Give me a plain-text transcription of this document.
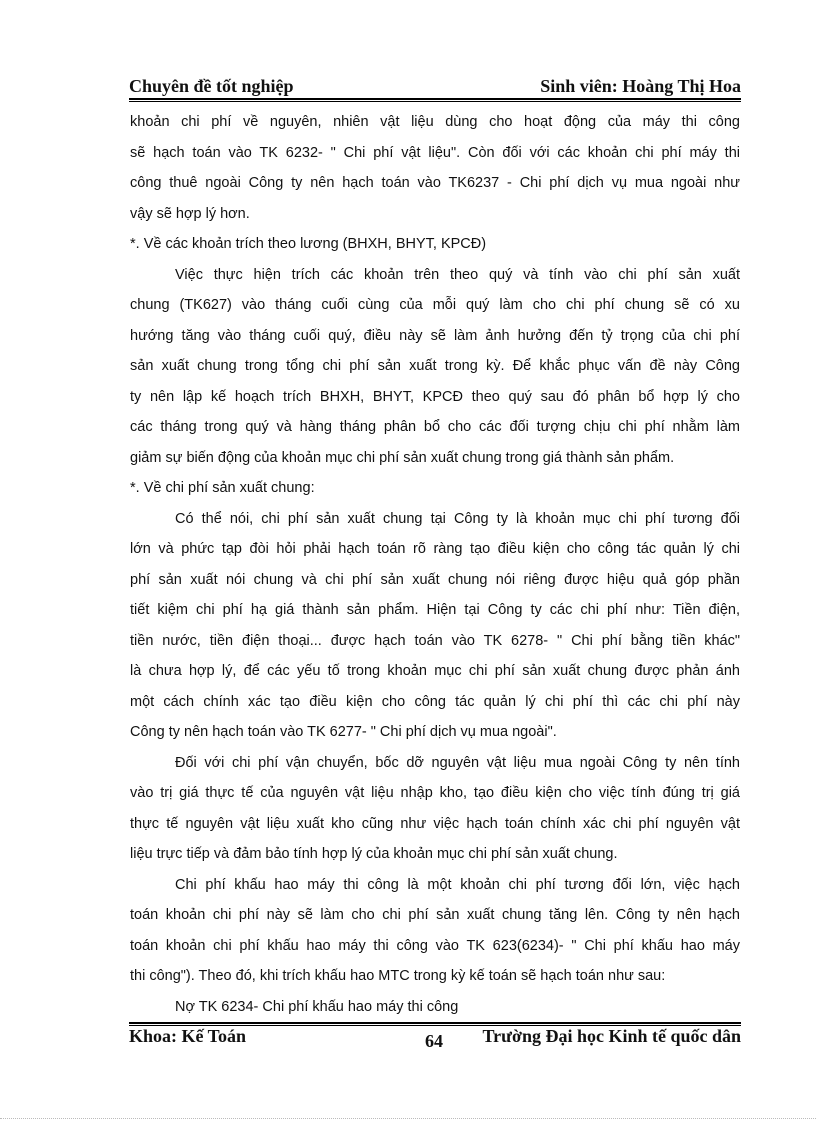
Chuyên đề tốt nghiệp	Sinh viên: Hoàng Thị Hoa
khoản chi phí về nguyên, nhiên vật liệu dùng cho hoạt động của máy thi công
sẽ hạch toán vào TK 6232- " Chi phí vật liệu". Còn đối với các khoản chi phí máy thi
công thuê ngoài Công ty nên hạch toán vào TK6237 - Chi phí dịch vụ mua ngoài như
vậy sẽ hợp lý hơn.
*. Về các khoản trích theo lương (BHXH, BHYT, KPCĐ)
Việc thực hiện trích các khoản trên theo quý và tính vào chi phí sản xuất
chung (TK627) vào tháng cuối cùng của mỗi quý làm cho chi phí chung sẽ có xu
hướng tăng vào tháng cuối quý, điều này sẽ làm ảnh hưởng đến tỷ trọng của chi phí
sản xuất chung trong tổng chi phí sản xuất trong kỳ. Để khắc phục vấn đề này Công
ty nên lập kế hoạch trích BHXH, BHYT, KPCĐ theo quý sau đó phân bổ hợp lý cho
các tháng trong quý và hàng tháng phân bổ cho các đối tượng chịu chi phí nhằm làm
giảm sự biến động của khoản mục chi phí sản xuất chung trong giá thành sản phẩm.
*. Về chi phí sản xuất chung:
Có thể nói, chi phí sản xuất chung tại Công ty là khoản mục chi phí tương đối
lớn và phức tạp đòi hỏi phải hạch toán rõ ràng tạo điều kiện cho công tác quản lý chi
phí sản xuất nói chung và chi phí sản xuất chung nói riêng được hiệu quả góp phần
tiết kiệm chi phí hạ giá thành sản phẩm. Hiện tại Công ty các chi phí như: Tiền điện,
tiền nước, tiền điện thoại... được hạch toán vào TK 6278- " Chi phí bằng tiền khác"
là chưa hợp lý, để các yếu tố trong khoản mục chi phí sản xuất chung được phản ánh
một cách chính xác tạo điều kiện cho công tác quản lý chi phí thì các chi phí này
Công ty nên hạch toán vào TK 6277- " Chi phí dịch vụ mua ngoài".
Đối với chi phí vận chuyển, bốc dỡ nguyên vật liệu mua ngoài Công ty nên tính
vào trị giá thực tế của nguyên vật liệu nhập kho, tạo điều kiện cho việc tính đúng trị giá
thực tế nguyên vật liệu xuất kho cũng như việc hạch toán chính xác chi phí nguyên vật
liệu trực tiếp và đảm bảo tính hợp lý của khoản mục chi phí sản xuất chung.
Chi phí khấu hao máy thi công là một khoản chi phí tương đối lớn, việc hạch
toán khoản chi phí này sẽ làm cho chi phí sản xuất chung tăng lên. Công ty nên hạch
toán khoản chi phí khấu hao máy thi công vào TK 623(6234)- " Chi phí khấu hao máy
thi công"). Theo đó, khi trích khấu hao MTC trong kỳ kế toán sẽ hạch toán như sau:
Nợ TK 6234- Chi phí khấu hao máy thi công
Khoa: Kế Toán	64 Trường Đại học Kinh tế quốc dân
